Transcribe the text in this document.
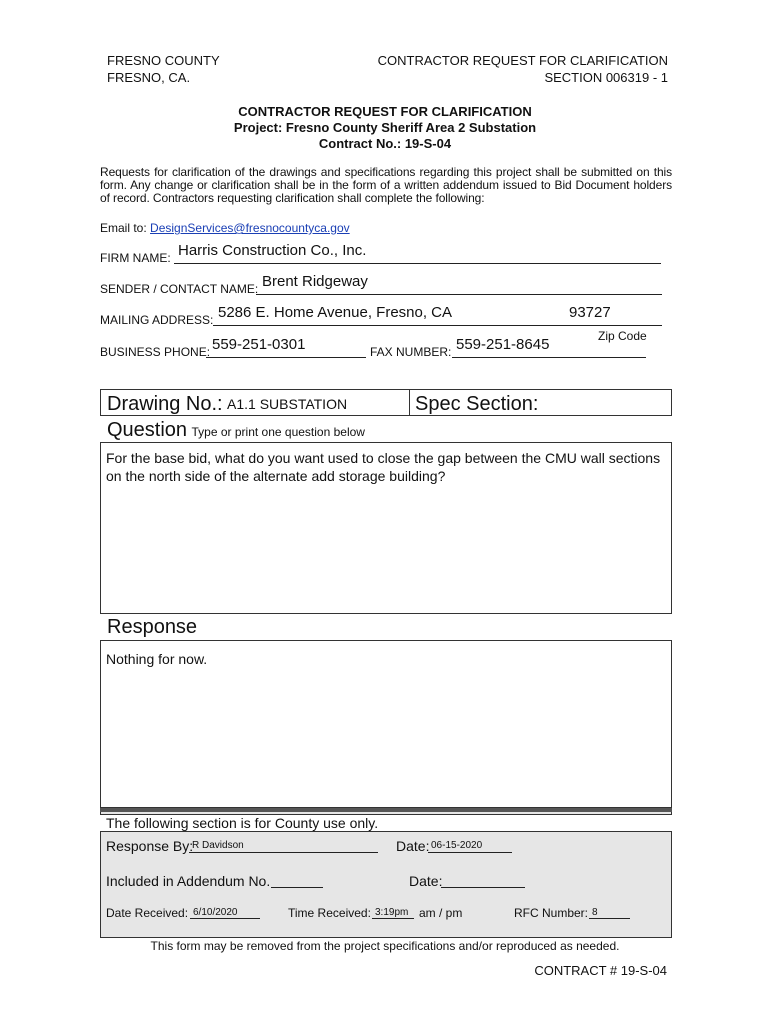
FRESNO COUNTY
FRESNO, CA.
CONTRACTOR REQUEST FOR CLARIFICATION
SECTION 006319 - 1
CONTRACTOR REQUEST FOR CLARIFICATION
Project: Fresno County Sheriff Area 2 Substation
Contract No.: 19-S-04
Requests for clarification of the drawings and specifications regarding this project shall be submitted on this form. Any change or clarification shall be in the form of a written addendum issued to Bid Document holders of record. Contractors requesting clarification shall complete the following:
Email to: DesignServices@fresnocountyca.gov
FIRM NAME: Harris Construction Co., Inc.
SENDER / CONTACT NAME: Brent Ridgeway
MAILING ADDRESS: 5286 E. Home Avenue, Fresno, CA	93727
Zip Code
BUSINESS PHONE: 559-251-0301	FAX NUMBER: 559-251-8645
Drawing No.: A1.1 SUBSTATION	Spec Section:
Question Type or print one question below
For the base bid, what do you want used to close the gap between the CMU wall sections on the north side of the alternate add storage building?
Response
Nothing for now.
The following section is for County use only.
Response By:
R Davidson	Date: 06-15-2020
Included in Addendum No.	Date:
Date Received: 6/10/2020	Time Received: 3:19pm am / pm	RFC Number: 8
This form may be removed from the project specifications and/or reproduced as needed.
CONTRACT # 19-S-04
